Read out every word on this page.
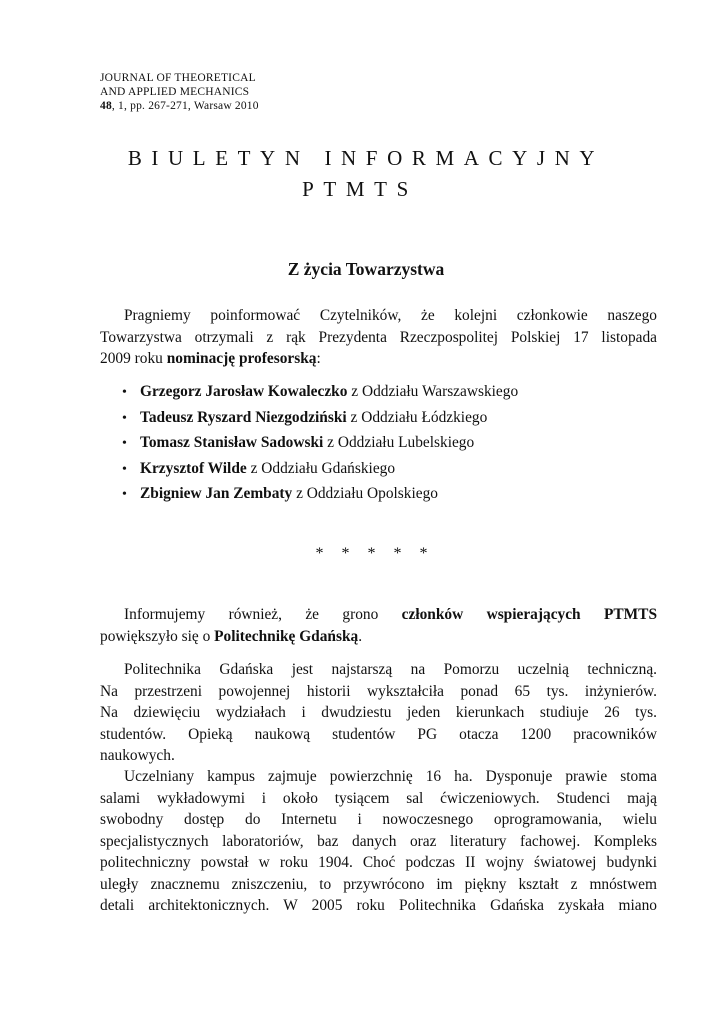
JOURNAL OF THEORETICAL
AND APPLIED MECHANICS
48, 1, pp. 267-271, Warsaw 2010
BIULETYN INFORMACYJNY
PTMTS
Z życia Towarzystwa
Pragniemy poinformować Czytelników, że kolejni członkowie naszego
Towarzystwa otrzymali z rąk Prezydenta Rzeczpospolitej Polskiej 17 listopada
2009 roku nominację profesorską:
• Grzegorz Jarosław Kowaleczko z Oddziału Warszawskiego
• Tadeusz Ryszard Niezgodziński z Oddziału Łódzkiego
• Tomasz Stanisław Sadowski z Oddziału Lubelskiego
• Krzysztof Wilde z Oddziału Gdańskiego
• Zbigniew Jan Zembaty z Oddziału Opolskiego
* * * * *
Informujemy również, że grono członków wspierających PTMTS
powiększyło się o Politechnikę Gdańską.
Politechnika Gdańska jest najstarszą na Pomorzu uczelnią techniczną.
Na przestrzeni powojennej historii wykształciła ponad 65 tys. inżynierów.
Na dziewięciu wydziałach i dwudziestu jeden kierunkach studiuje 26 tys.
studentów. Opieką naukową studentów PG otacza 1200 pracowników
naukowych.
Uczelniany kampus zajmuje powierzchnię 16 ha. Dysponuje prawie stoma
salami wykładowymi i około tysiącem sal ćwiczeniowych. Studenci mają
swobodny dostęp do Internetu i nowoczesnego oprogramowania, wielu
specjalistycznych laboratoriów, baz danych oraz literatury fachowej. Kompleks
politechniczny powstał w roku 1904. Choć podczas II wojny światowej budynki
uległy znacznemu zniszczeniu, to przywrócono im piękny kształt z mnóstwem
detali architektonicznych. W 2005 roku Politechnika Gdańska zyskała miano
